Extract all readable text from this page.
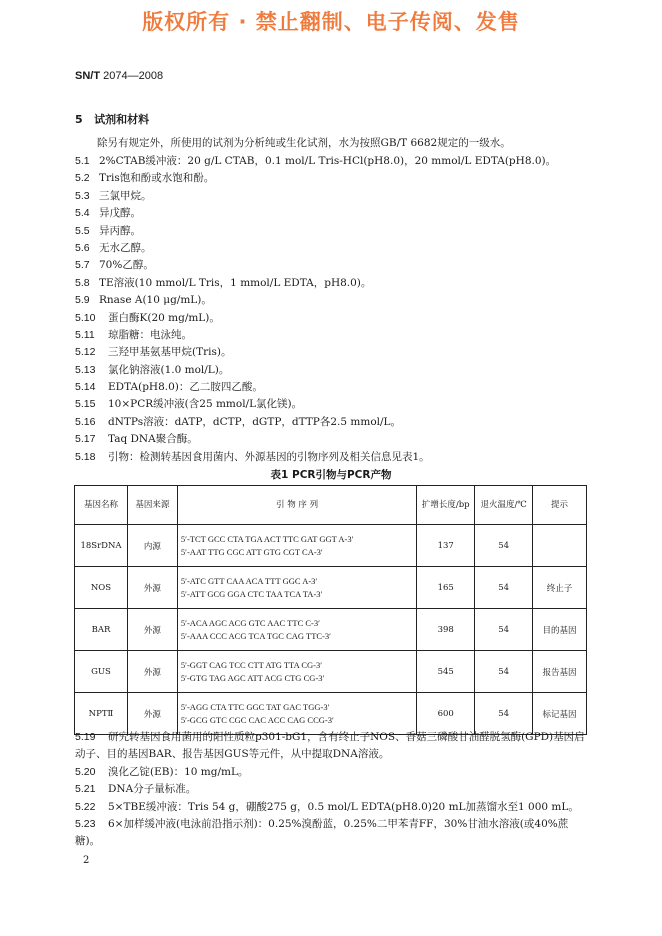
版权所有 · 禁止翻制、电子传阅、发售
SN/T 2074—2008
5 试剂和材料
除另有规定外，所使用的试剂为分析纯或生化试剂，水为按照GB/T 6682规定的一级水。
5.1 2%CTAB缓冲液：20 g/L CTAB，0.1 mol/L Tris-HCl(pH8.0)，20 mmol/L EDTA(pH8.0)。
5.2 Tris饱和酚或水饱和酚。
5.3 三氯甲烷。
5.4 异戊醇。
5.5 异丙醇。
5.6 无水乙醇。
5.7 70%乙醇。
5.8 TE溶液(10 mmol/L Tris，1 mmol/L EDTA，pH8.0)。
5.9 Rnase A(10 μg/mL)。
5.10 蛋白酶K(20 mg/mL)。
5.11 琼脂糖：电泳纯。
5.12 三羟甲基氨基甲烷(Tris)。
5.13 氯化钠溶液(1.0 mol/L)。
5.14 EDTA(pH8.0)：乙二胺四乙酸。
5.15 10×PCR缓冲液(含25 mmol/L氯化镁)。
5.16 dNTPs溶液：dATP，dCTP，dGTP，dTTP各2.5 mmol/L。
5.17 Taq DNA聚合酶。
5.18 引物：检测转基因食用菌内、外源基因的引物序列及相关信息见表1。
表1 PCR引物与PCR产物
基因名称	基因来源	引 物 序 列	扩增长度/bp	退火温度/℃	提示
18SrDNA	内源	5′-TCT GCC CTA TGA ACT TTC GAT GGT A-3′
5′-AAT TTG CGC ATT GTG CGT CA-3′	137	54	
NOS	外源	5′-ATC GTT CAA ACA TTT GGC A-3′
5′-ATT GCG GGA CTC TAA TCA TA-3′	165	54	终止子
BAR	外源	5′-ACA AGC ACG GTC AAC TTC C-3′
5′-AAA CCC ACG TCA TGC CAG TTC-3′	398	54	目的基因
GUS	外源	5′-GGT CAG TCC CTT ATG TTA CG-3′
5′-GTG TAG AGC ATT ACG CTG CG-3′	545	54	报告基因
NPTⅡ	外源	5′-AGG CTA TTC GGC TAT GAC TGG-3′
5′-GCG GTC CGC CAC ACC CAG CCG-3′	600	54	标记基因
5.19 研究转基因食用菌用的阳性质粒p301-bG1，含有终止子NOS、香菇三磷酸甘油醛脱氢酶(GPD)基因启动子、目的基因BAR、报告基因GUS等元件，从中提取DNA溶液。
5.20 溴化乙锭(EB)：10 mg/mL。
5.21 DNA分子量标准。
5.22 5×TBE缓冲液：Tris 54 g，硼酸275 g，0.5 mol/L EDTA(pH8.0)20 mL加蒸馏水至1 000 mL。
5.23 6×加样缓冲液(电泳前沿指示剂)：0.25%溴酚蓝，0.25%二甲苯青FF，30%甘油水溶液(或40%蔗糖)。
2
